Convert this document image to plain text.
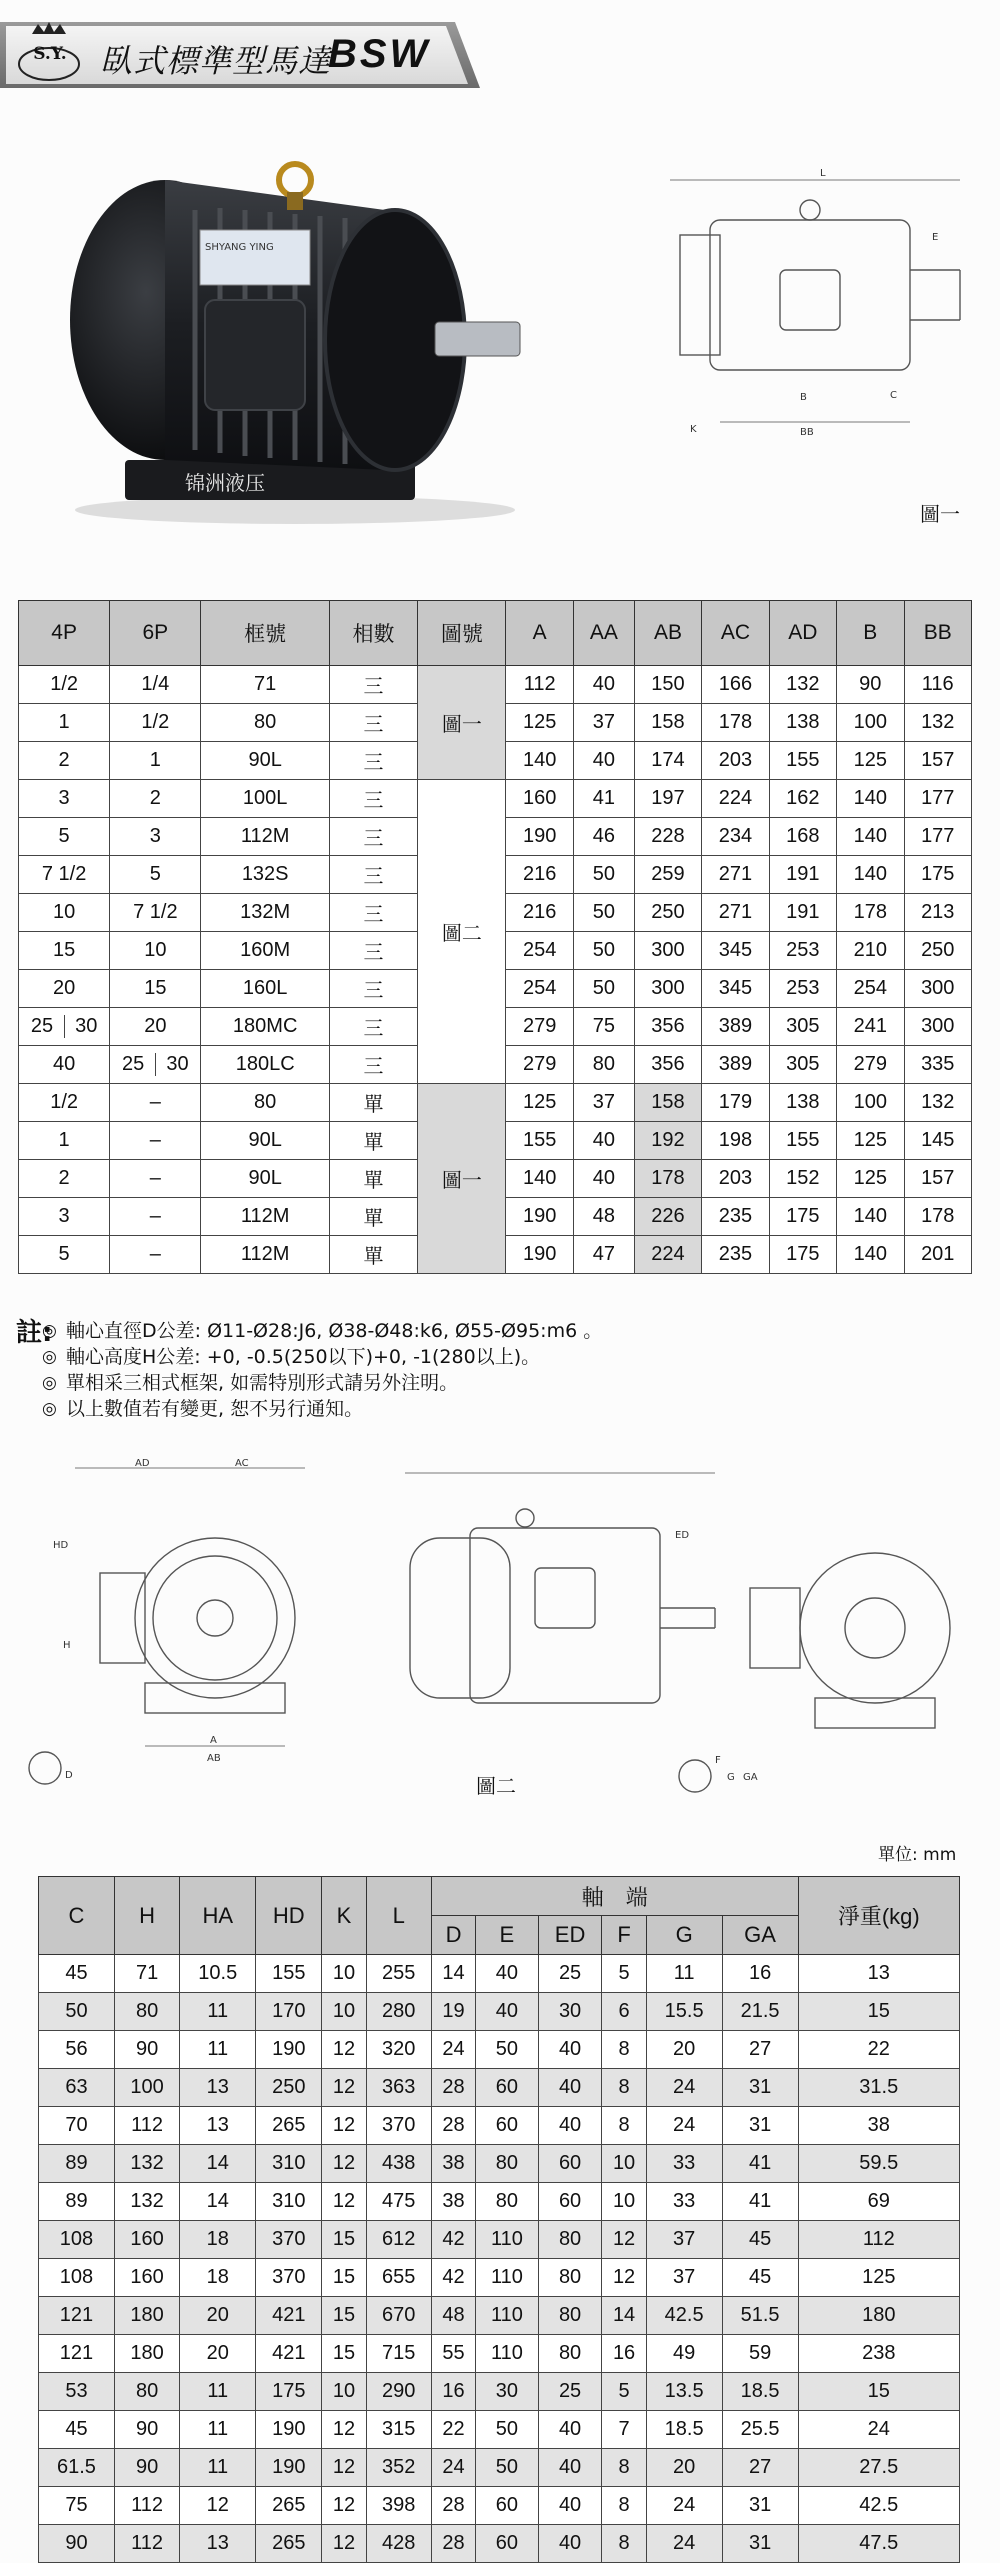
S.Y.	臥式標準型馬達
BSW
SHYANG YING
锦洲液压
L
E
C
BB
B
K
圖一
4P	6P	框號	相數	圖號	A	AA	AB	AC	AD	B	BB
1/2	1/4	71	三	圖一	112	40	150	166	132	90	116
1	1/2	80	三		125	37	158	178	138	100	132
2	1	90L	三		140	40	174	203	155	125	157
3	2	100L	三	圖二	160	41	197	224	162	140	177
5	3	112M	三		190	46	228	234	168	140	177
7 1/2	5	132S	三		216	50	259	271	191	140	175
10	7 1/2	132M	三		216	50	250	271	191	178	213
15	10	160M	三		254	50	300	345	253	210	250
20	15	160L	三		254	50	300	345	253	254	300
25 30	20	180MC	三		279	75	356	389	305	241	300
40	25 30	180LC	三		279	80	356	389	305	279	335
1/2	–	80	單	圖一	125	37	158	179	138	100	132
1	–	90L	單		155	40	192	198	155	125	145
2	–	90L	單		140	40	178	203	152	125	157
3	–	112M	單		190	48	226	235	175	140	178
5	–	112M	單		190	47	224	235	175	140	201
註: ◎ 軸心直徑D公差: Ø11-Ø28:J6, Ø38-Ø48:k6, Ø55-Ø95:m6 。
◎ 軸心高度H公差: +0, -0.5(250以下)+0, -1(280以上)。
◎ 單相采三相式框架, 如需特別形式請另外注明。
◎ 以上數值若有變更, 恕不另行通知。
AD	AC
HD
H
A
AB
ED
F
G GA
D	圖二
單位: mm
C	H	HA	HD	K	L	軸　端						淨重(kg)
						D	E	ED	F	G	GA	
45	71	10.5	155	10	255	14	40	25	5	11	16	13
50	80	11	170	10	280	19	40	30	6	15.5	21.5	15
56	90	11	190	12	320	24	50	40	8	20	27	22
63	100	13	250	12	363	28	60	40	8	24	31	31.5
70	112	13	265	12	370	28	60	40	8	24	31	38
89	132	14	310	12	438	38	80	60	10	33	41	59.5
89	132	14	310	12	475	38	80	60	10	33	41	69
108	160	18	370	15	612	42	110	80	12	37	45	112
108	160	18	370	15	655	42	110	80	12	37	45	125
121	180	20	421	15	670	48	110	80	14	42.5	51.5	180
121	180	20	421	15	715	55	110	80	16	49	59	238
53	80	11	175	10	290	16	30	25	5	13.5	18.5	15
45	90	11	190	12	315	22	50	40	7	18.5	25.5	24
61.5	90	11	190	12	352	24	50	40	8	20	27	27.5
75	112	12	265	12	398	28	60	40	8	24	31	42.5
90	112	13	265	12	428	28	60	40	8	24	31	47.5
